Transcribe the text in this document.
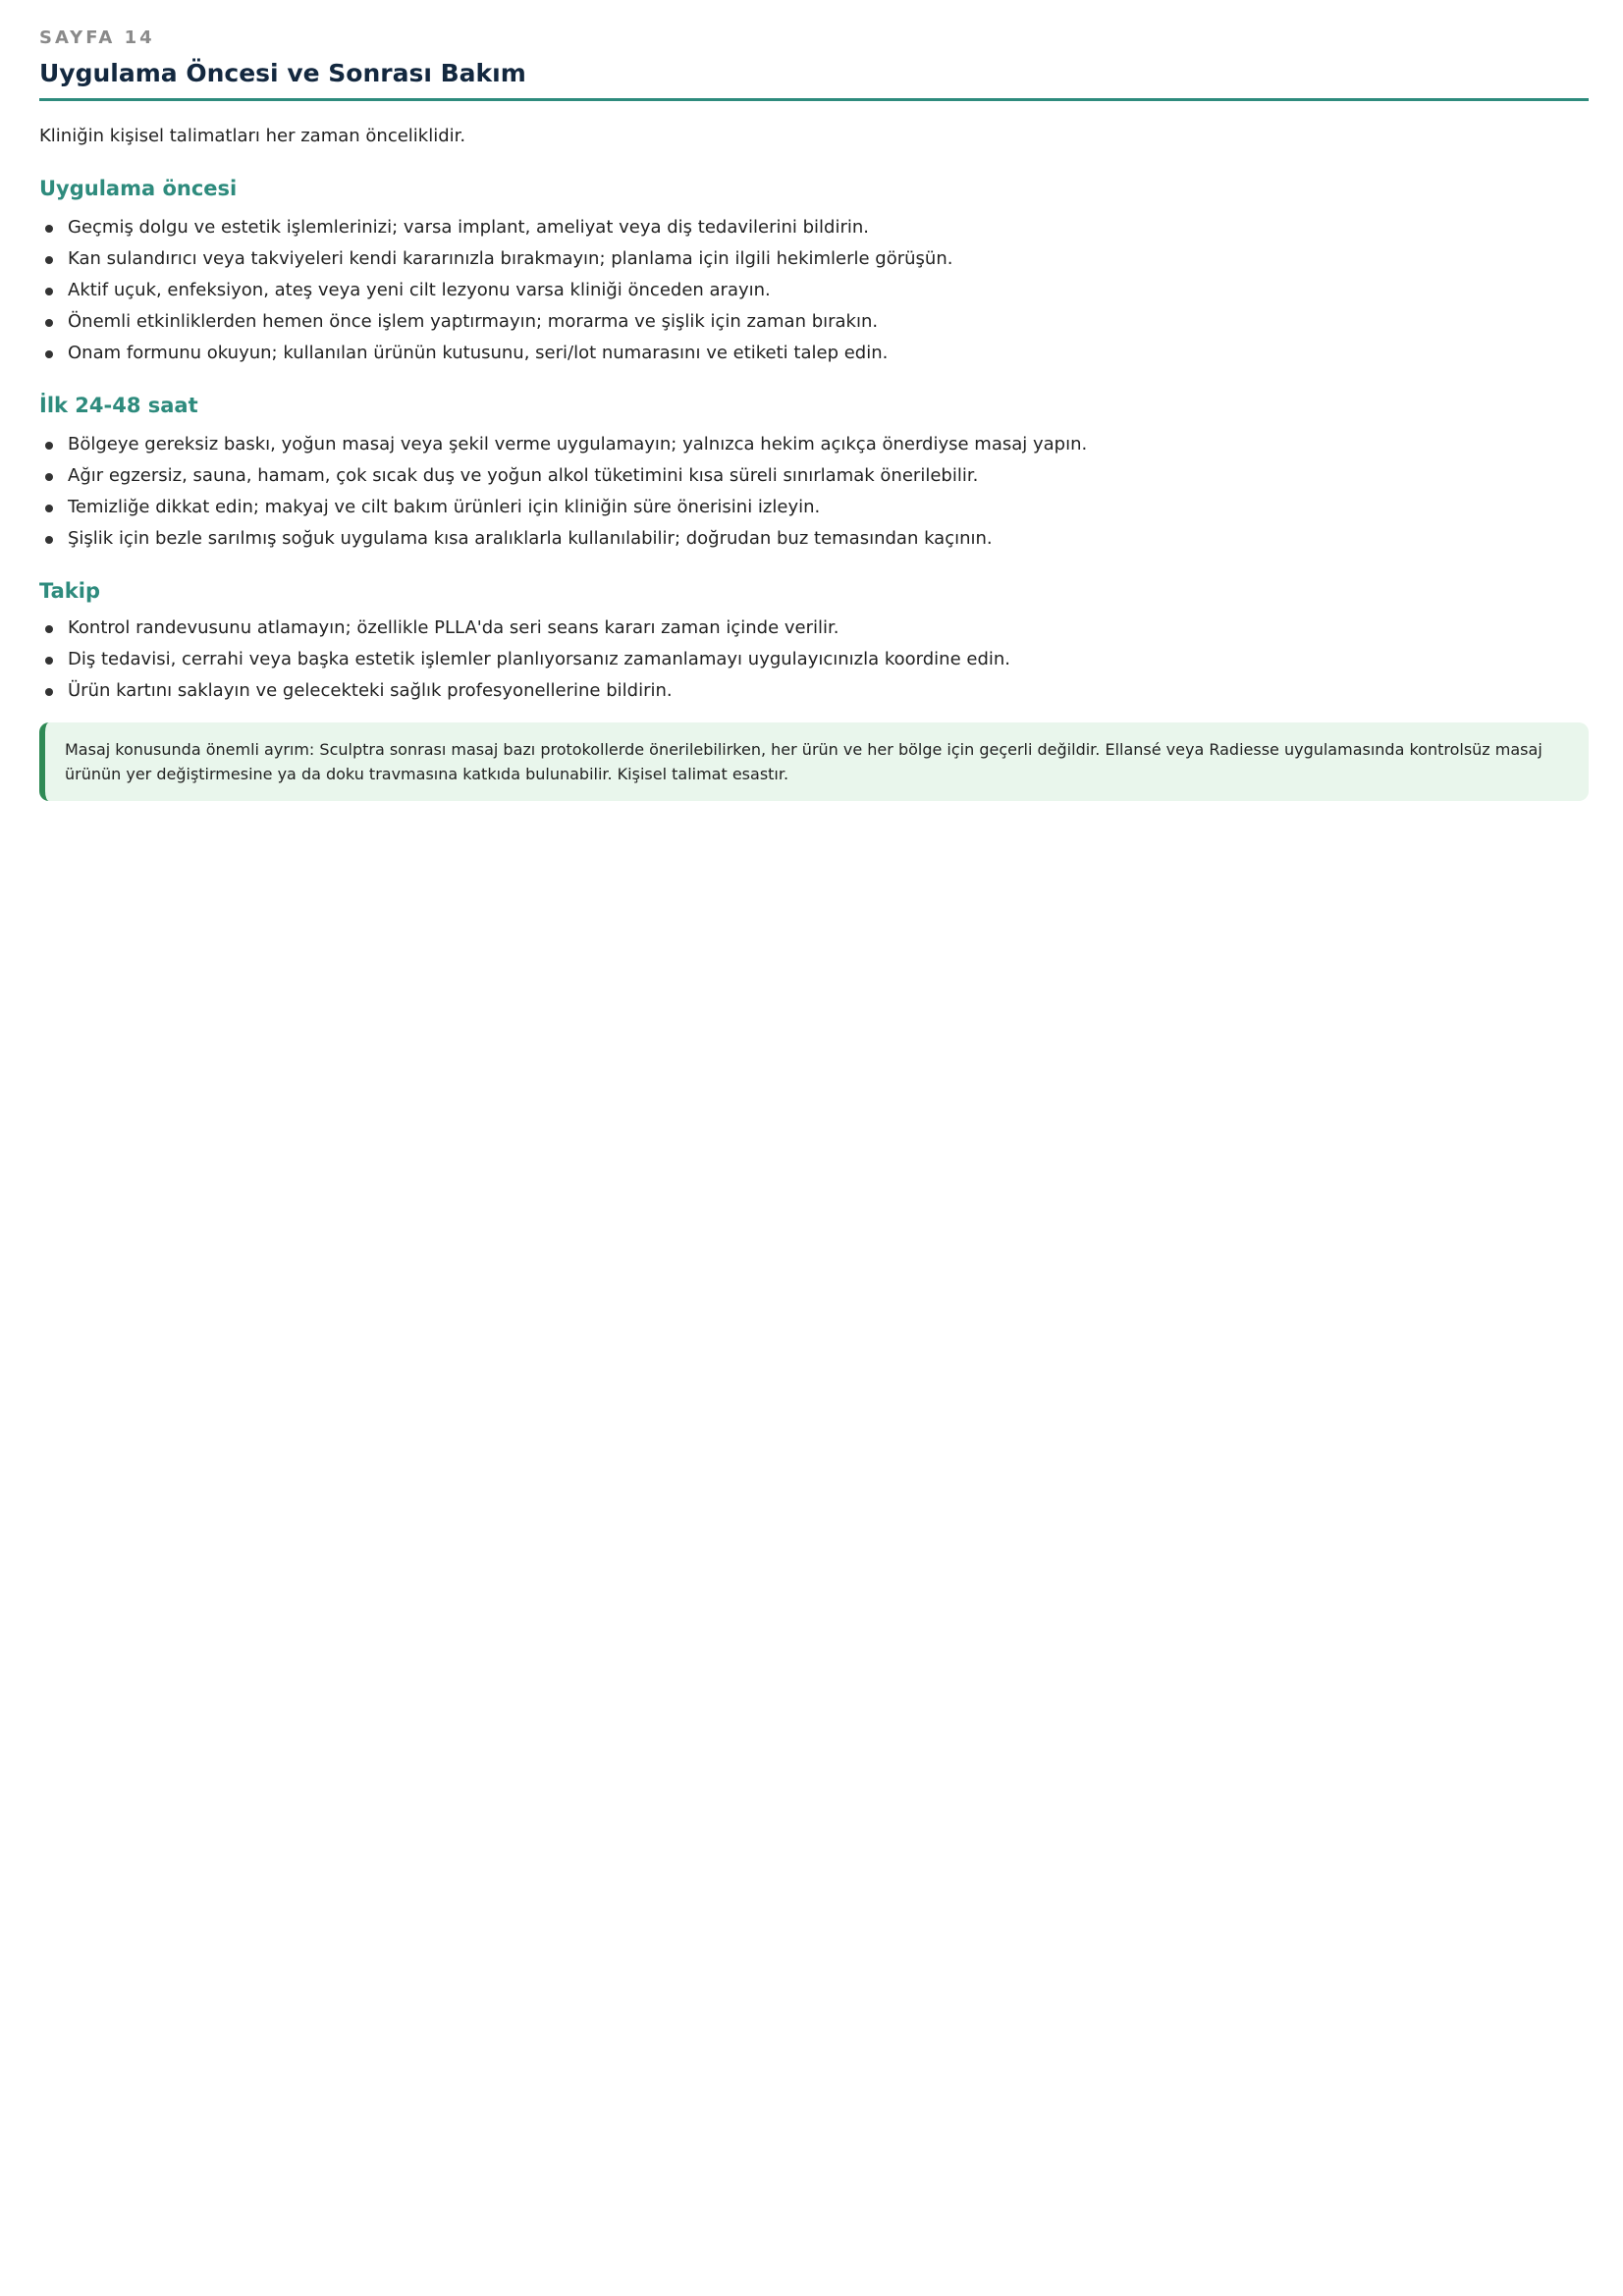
SAYFA 14
Uygulama Öncesi ve Sonrası Bakım

Kliniğin kişisel talimatları her zaman önceliklidir.

Uygulama öncesi
Geçmiş dolgu ve estetik işlemlerinizi; varsa implant, ameliyat veya diş tedavilerini bildirin.
Kan sulandırıcı veya takviyeleri kendi kararınızla bırakmayın; planlama için ilgili hekimlerle görüşün.
Aktif uçuk, enfeksiyon, ateş veya yeni cilt lezyonu varsa kliniği önceden arayın.
Önemli etkinliklerden hemen önce işlem yaptırmayın; morarma ve şişlik için zaman bırakın.
Onam formunu okuyun; kullanılan ürünün kutusunu, seri/lot numarasını ve etiketi talep edin.
İlk 24-48 saat
Bölgeye gereksiz baskı, yoğun masaj veya şekil verme uygulamayın; yalnızca hekim açıkça önerdiyse masaj yapın.
Ağır egzersiz, sauna, hamam, çok sıcak duş ve yoğun alkol tüketimini kısa süreli sınırlamak önerilebilir.
Temizliğe dikkat edin; makyaj ve cilt bakım ürünleri için kliniğin süre önerisini izleyin.
Şişlik için bezle sarılmış soğuk uygulama kısa aralıklarla kullanılabilir; doğrudan buz temasından kaçının.
Takip
Kontrol randevusunu atlamayın; özellikle PLLA'da seri seans kararı zaman içinde verilir.
Diş tedavisi, cerrahi veya başka estetik işlemler planlıyorsanız zamanlamayı uygulayıcınızla koordine edin.
Ürün kartını saklayın ve gelecekteki sağlık profesyonellerine bildirin.
Masaj konusunda önemli ayrım: Sculptra sonrası masaj bazı protokollerde önerilebilirken, her ürün ve her bölge için geçerli değildir. Ellansé veya Radiesse uygulamasında kontrolsüz masaj
ürünün yer değiştirmesine ya da doku travmasına katkıda bulunabilir. Kişisel talimat esastır.
